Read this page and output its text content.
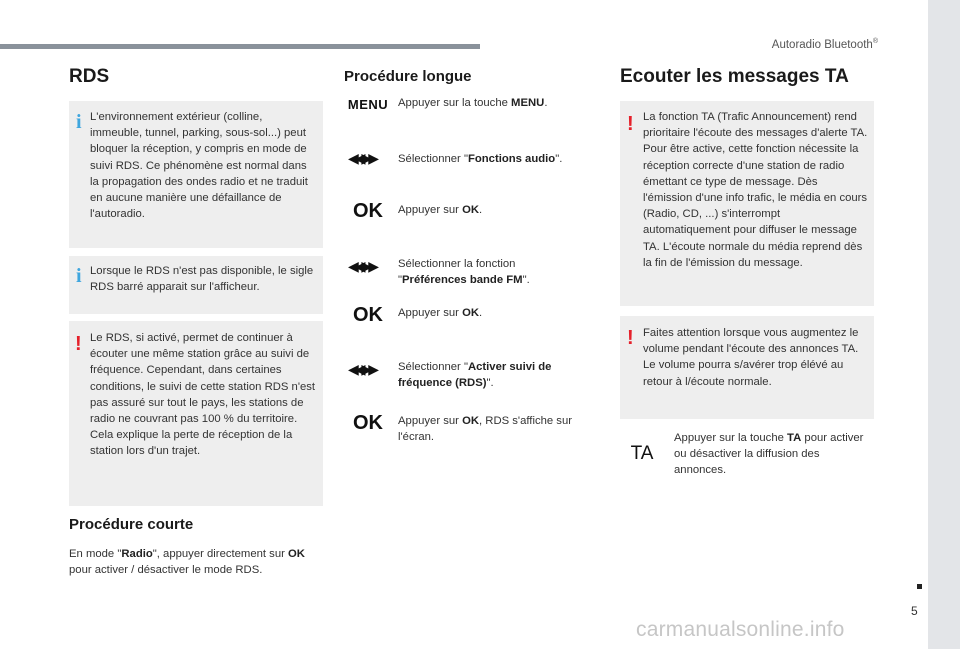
Autoradio Bluetooth®
5
carmanualsonline.info
RDS
i L'environnement extérieur (colline, immeuble, tunnel, parking, sous-sol...) peut bloquer la réception, y compris en mode de suivi RDS. Ce phénomène est normal dans la propagation des ondes radio et ne traduit en aucune manière une défaillance de l'autoradio.
i Lorsque le RDS n'est pas disponible, le sigle RDS barré apparait sur l'afficheur.
! Le RDS, si activé, permet de continuer à écouter une même station grâce au suivi de fréquence. Cependant, dans certaines conditions, le suivi de cette station RDS n'est pas assuré sur tout le pays, les stations de radio ne couvrant pas 100 % du territoire. Cela explique la perte de réception de la station lors d'un trajet.
Procédure courte
En mode "Radio", appuyer directement sur OK pour activer / désactiver le mode RDS.
Procédure longue
MENU Appuyer sur la touche MENU.
◀◀ ▶▶ Sélectionner "Fonctions audio".
OK	Appuyer sur OK.
◀◀ ▶▶ Sélectionner la fonction "Préférences bande FM".
OK	Appuyer sur OK.
◀◀ ▶▶ Sélectionner "Activer suivi de fréquence (RDS)".
OK	Appuyer sur OK, RDS s'affiche sur l'écran.
Ecouter les messages TA
! La fonction TA (Trafic Announcement) rend prioritaire l'écoute des messages d'alerte TA. Pour être active, cette fonction nécessite la réception correcte d'une station de radio émettant ce type de message. Dès l'émission d'une info trafic, le média en cours (Radio, CD, ...) s'interrompt automatiquement pour diffuser le message TA. L'écoute normale du média reprend dès la fin de l'émission du message.
! Faites attention lorsque vous augmentez le volume pendant l'écoute des annonces TA. Le volume pourra s/avérer trop élévé au retour à l/écoute normale.
TA
Appuyer sur la touche TA pour activer ou désactiver la diffusion des annonces.
